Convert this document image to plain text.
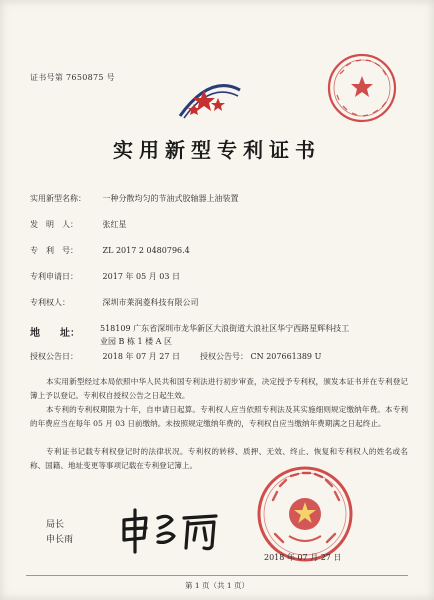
证书号第 7650875 号
实用新型专利证书
实用新型名称： 一种分散均匀的节油式胶轴器上油装置
发　明　人：	张红星
专　利　号：	ZL 2017 2 0480796.4
专利申请日：	2017 年 05 月 03 日
专利权人：	深圳市莱润菱科技有限公司
地　　址：	518109 广东省深圳市龙华新区大浪街道大浪社区华宁西路星辉科技工业园 B 栋 1 楼 A 区
授权公告日：	2018 年 07 月 27 日	授权公告号： CN 207661389 U

本实用新型经过本局依照中华人民共和国专利法进行初步审查，决定授予专利权，颁发本证书并在专利登记簿上予以登记。专利权自授权公告之日起生效。

本专利的专利权期限为十年，自申请日起算。专利权人应当依照专利法及其实施细则规定缴纳年费。本专利的年费应当在每年 05 月 03 日前缴纳。未按照规定缴纳年费的，专利权自应当缴纳年费期满之日起终止。

专利证书记载专利权登记时的法律状况。专利权的转移、质押、无效、终止、恢复和专利权人的姓名或名称、国籍、地址变更等事项记载在专利登记簿上。

局长
申长雨
2018 年 07 月 27 日
第 1 页（共 1 页）
